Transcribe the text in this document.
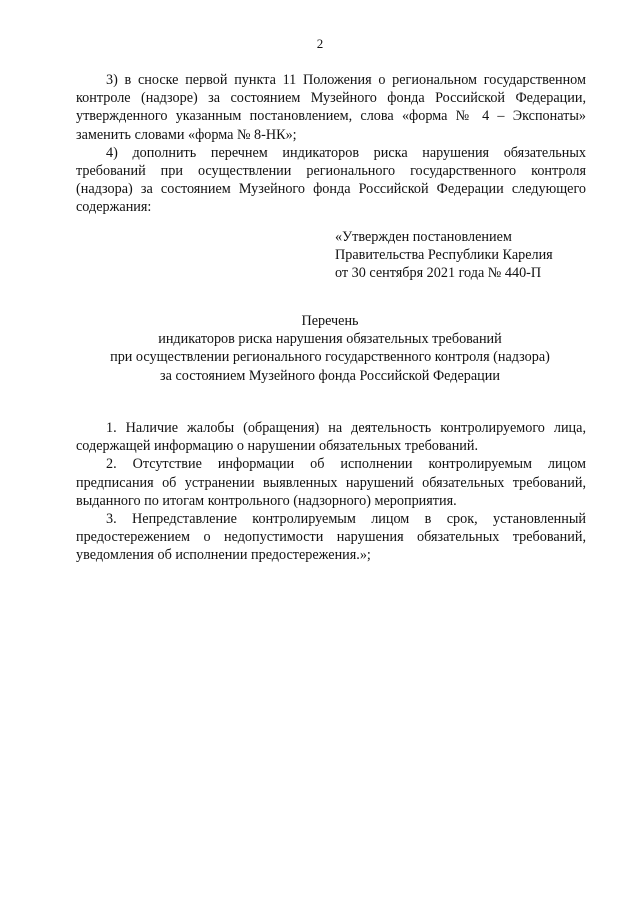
2

3) в сноске первой пункта 11 Положения о региональном государственном контроле (надзоре) за состоянием Музейного фонда Российской Федерации, утвержденного указанным постановлением, слова «форма № 4 – Экспонаты» заменить словами «форма № 8-НК»;

4) дополнить перечнем индикаторов риска нарушения обязательных требований при осуществлении регионального государственного контроля (надзора) за состоянием Музейного фонда Российской Федерации следующего содержания:

«Утвержден постановлением
Правительства Республики Карелия
от 30 сентября 2021 года № 440-П
Перечень
индикаторов риска нарушения обязательных требований
при осуществлении регионального государственного контроля (надзора)
за состоянием Музейного фонда Российской Федерации

1. Наличие жалобы (обращения) на деятельность контролируемого лица, содержащей информацию о нарушении обязательных требований.

2. Отсутствие информации об исполнении контролируемым лицом предписания об устранении выявленных нарушений обязательных требований, выданного по итогам контрольного (надзорного) мероприятия.

3. Непредставление контролируемым лицом в срок, установленный предостережением о недопустимости нарушения обязательных требований, уведомления об исполнении предостережения.»;
